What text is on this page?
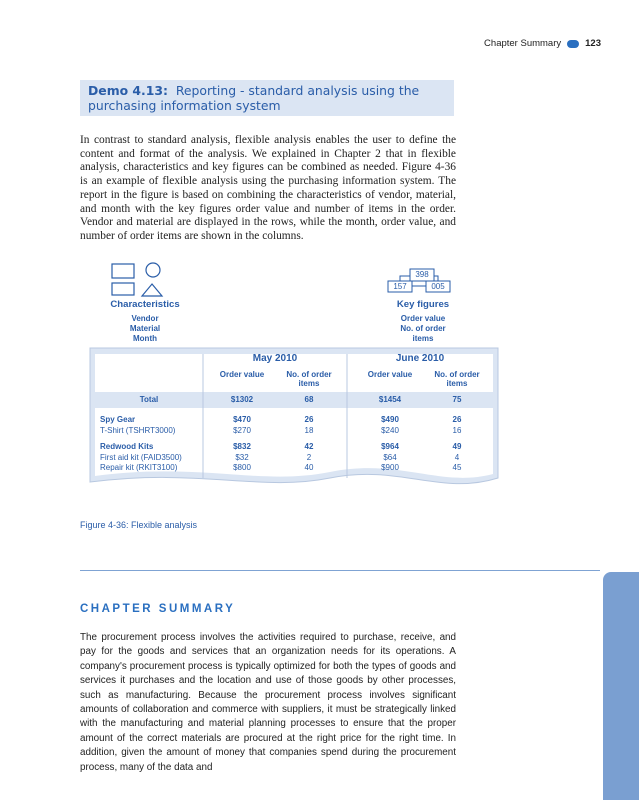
Chapter Summary	123
Demo 4.13: Reporting - standard analysis using the purchasing information system

In contrast to standard analysis, flexible analysis enables the user to define the content and format of the analysis. We explained in Chapter 2 that in flexible analysis, characteristics and key figures can be combined as needed. Figure 4-36 is an example of flexible analysis using the purchasing information system. The report in the figure is based on combining the characteristics of vendor, material, and month with the key figures order value and number of items in the order. Vendor and material are displayed in the rows, while the month, order value, and number of order items are shown in the columns.

Characteristics
Vendor
Material
Month
398
157	005
Key figures
Order value
No. of order
items
May 2010	June 2010
Order value	No. of order
items
Order value	No. of order
items
Total	$1302	68	$1454	75
Spy Gear	$470	26	$490	26
T-Shirt (TSHRT3000)	$270	18	$240	16
Redwood Kits	$832	42	$964	49
First aid kit (FAID3500)	$32	2	$64	4
Repair kit (RKIT3100)	$800	40	$900	45
Figure 4-36: Flexible analysis
CHAPTER SUMMARY

The procurement process involves the activities required to purchase, receive, and pay for the goods and services that an organization needs for its operations. A company's procurement process is typically optimized for both the types of goods and services it purchases and the location and use of those goods by other processes, such as manufacturing. Because the procurement process involves significant amounts of collaboration and commerce with suppliers, it must be strategically linked with the manufacturing and material planning processes to ensure that the proper amount of the correct materials are procured at the right price for the right time. In addition, given the amount of money that companies spend during the procurement process, many of the data and
